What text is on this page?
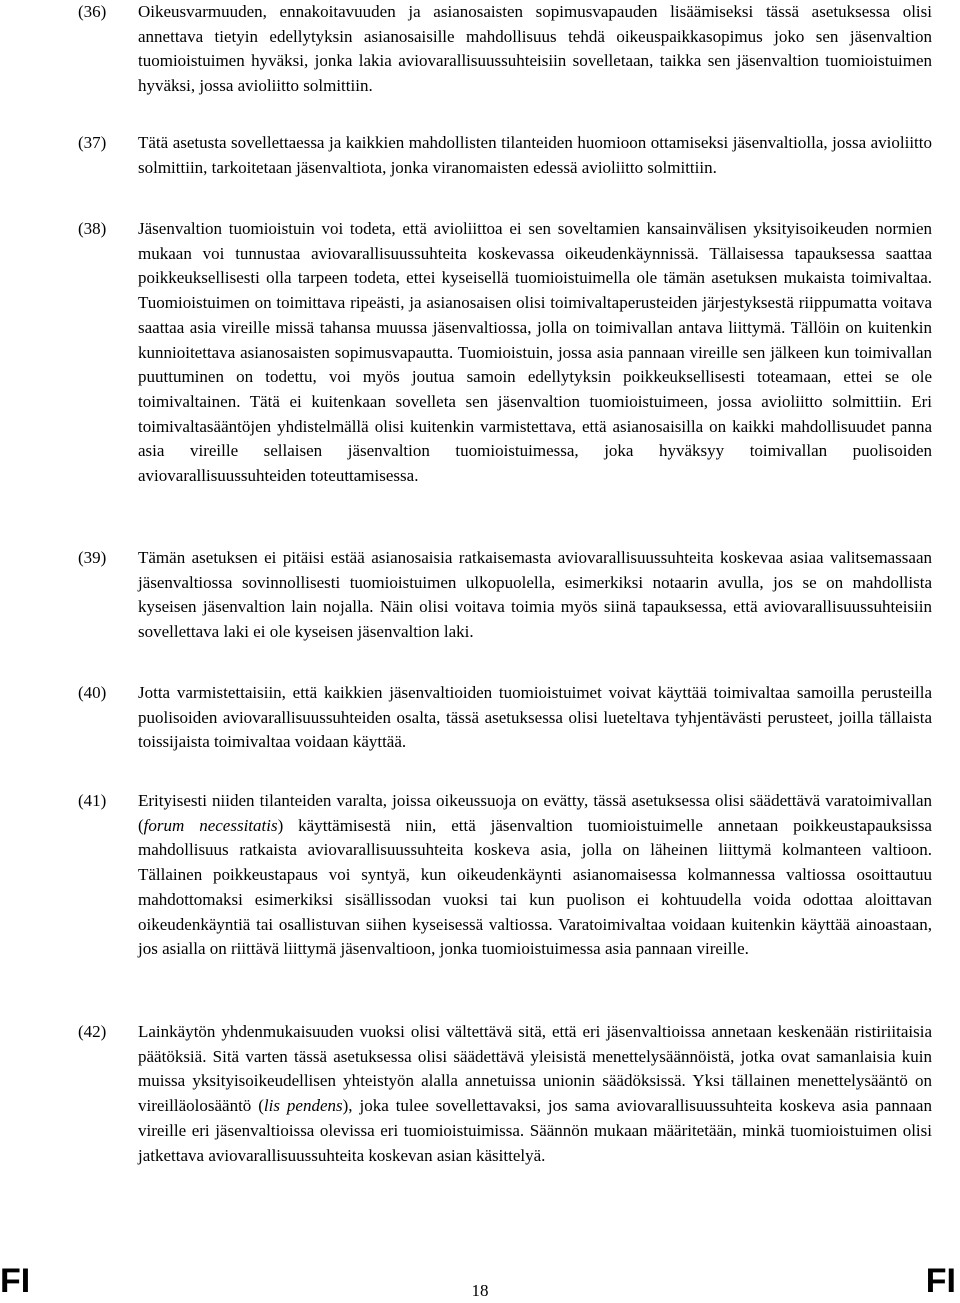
(36)	Oikeusvarmuuden, ennakoitavuuden ja asianosaisten sopimusvapauden lisäämiseksi tässä asetuksessa olisi annettava tietyin edellytyksin asianosaisille mahdollisuus tehdä oikeuspaikkasopimus joko sen jäsenvaltion tuomioistuimen hyväksi, jonka lakia aviovarallisuussuhteisiin sovelletaan, taikka sen jäsenvaltion tuomioistuimen hyväksi, jossa avioliitto solmittiin.
(37)	Tätä asetusta sovellettaessa ja kaikkien mahdollisten tilanteiden huomioon ottamiseksi jäsenvaltiolla, jossa avioliitto solmittiin, tarkoitetaan jäsenvaltiota, jonka viranomaisten edessä avioliitto solmittiin.
(38)	Jäsenvaltion tuomioistuin voi todeta, että avioliittoa ei sen soveltamien kansainvälisen yksityisoikeuden normien mukaan voi tunnustaa aviovarallisuussuhteita koskevassa oikeudenkäynnissä. Tällaisessa tapauksessa saattaa poikkeuksellisesti olla tarpeen todeta, ettei kyseisellä tuomioistuimella ole tämän asetuksen mukaista toimivaltaa. Tuomioistuimen on toimittava ripeästi, ja asianosaisen olisi toimivaltaperusteiden järjestyksestä riippumatta voitava saattaa asia vireille missä tahansa muussa jäsenvaltiossa, jolla on toimivallan antava liittymä. Tällöin on kuitenkin kunnioitettava asianosaisten sopimusvapautta. Tuomioistuin, jossa asia pannaan vireille sen jälkeen kun toimivallan puuttuminen on todettu, voi myös joutua samoin edellytyksin poikkeuksellisesti toteamaan, ettei se ole toimivaltainen. Tätä ei kuitenkaan sovelleta sen jäsenvaltion tuomioistuimeen, jossa avioliitto solmittiin. Eri toimivaltasääntöjen yhdistelmällä olisi kuitenkin varmistettava, että asianosaisilla on kaikki mahdollisuudet panna asia vireille sellaisen jäsenvaltion tuomioistuimessa, joka hyväksyy toimivallan puolisoiden aviovarallisuussuhteiden toteuttamisessa.
(39)	Tämän asetuksen ei pitäisi estää asianosaisia ratkaisemasta aviovarallisuussuhteita koskevaa asiaa valitsemassaan jäsenvaltiossa sovinnollisesti tuomioistuimen ulkopuolella, esimerkiksi notaarin avulla, jos se on mahdollista kyseisen jäsenvaltion lain nojalla. Näin olisi voitava toimia myös siinä tapauksessa, että aviovarallisuussuhteisiin sovellettava laki ei ole kyseisen jäsenvaltion laki.
(40)	Jotta varmistettaisiin, että kaikkien jäsenvaltioiden tuomioistuimet voivat käyttää toimivaltaa samoilla perusteilla puolisoiden aviovarallisuussuhteiden osalta, tässä asetuksessa olisi lueteltava tyhjentävästi perusteet, joilla tällaista toissijaista toimivaltaa voidaan käyttää.
(41)	Erityisesti niiden tilanteiden varalta, joissa oikeussuoja on evätty, tässä asetuksessa olisi säädettävä varatoimivallan (forum necessitatis) käyttämisestä niin, että jäsenvaltion tuomioistuimelle annetaan poikkeustapauksissa mahdollisuus ratkaista aviovarallisuussuhteita koskeva asia, jolla on läheinen liittymä kolmanteen valtioon. Tällainen poikkeustapaus voi syntyä, kun oikeudenkäynti asianomaisessa kolmannessa valtiossa osoittautuu mahdottomaksi esimerkiksi sisällissodan vuoksi tai kun puolison ei kohtuudella voida odottaa aloittavan oikeudenkäyntiä tai osallistuvan siihen kyseisessä valtiossa. Varatoimivaltaa voidaan kuitenkin käyttää ainoastaan, jos asialla on riittävä liittymä jäsenvaltioon, jonka tuomioistuimessa asia pannaan vireille.
(42)	Lainkäytön yhdenmukaisuuden vuoksi olisi vältettävä sitä, että eri jäsenvaltioissa annetaan keskenään ristiriitaisia päätöksiä. Sitä varten tässä asetuksessa olisi säädettävä yleisistä menettelysäännöistä, jotka ovat samanlaisia kuin muissa yksityisoikeudellisen yhteistyön alalla annetuissa unionin säädöksissä. Yksi tällainen menettelysääntö on vireilläolosääntö (lis pendens), joka tulee sovellettavaksi, jos sama aviovarallisuussuhteita koskeva asia pannaan vireille eri jäsenvaltioissa olevissa eri tuomioistuimissa. Säännön mukaan määritetään, minkä tuomioistuimen olisi jatkettava aviovarallisuussuhteita koskevan asian käsittelyä.
FI	18	FI
